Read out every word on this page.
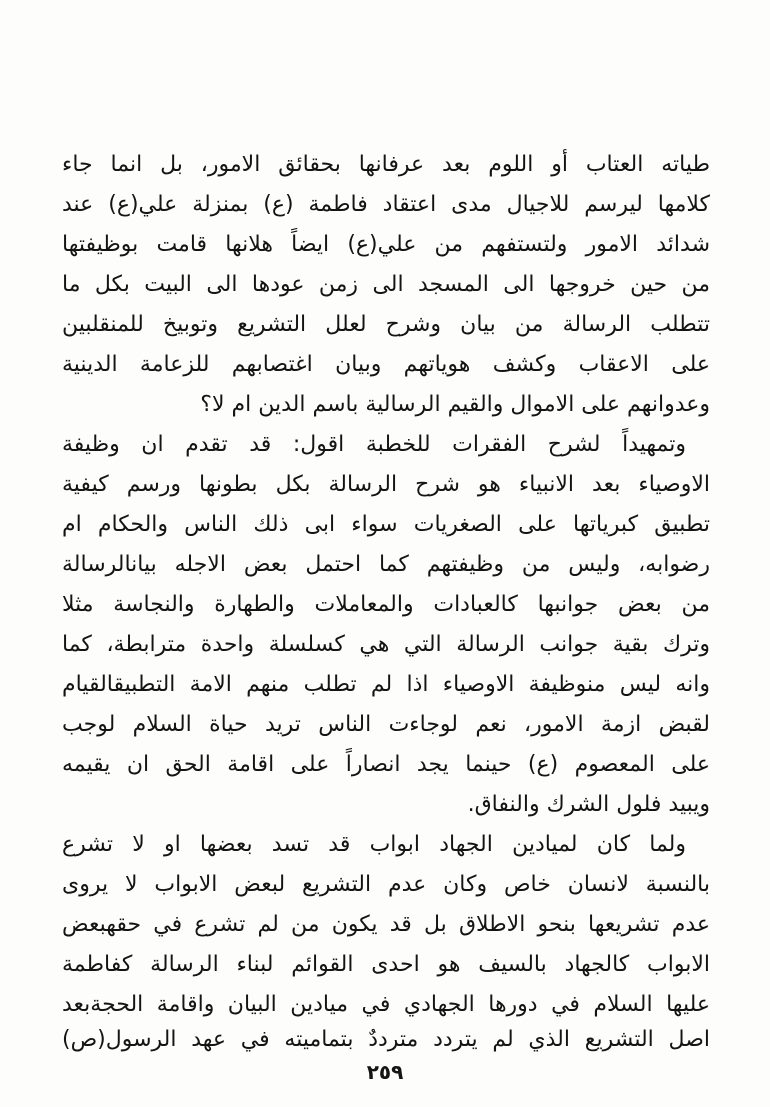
طياته العتاب أو اللوم بعد عرفانها بحقائق الامور، بل انما جاء
كلامها ليرسم للاجيال مدى اعتقاد فاطمة (ع) بمنزلة علي(ع) عند
شدائد الامور ولتستفهم من علي(ع) ايضاً هلانها قامت بوظيفتها
من حين خروجها الى المسجد الى زمن عودها الى البيت بكل ما
تتطلب الرسالة من بيان وشرح لعلل التشريع وتوبيخ للمنقلبين
على الاعقاب وكشف هوياتهم وبيان اغتصابهم للزعامة الدينية
وعدوانهم على الاموال والقيم الرسالية باسم الدين ام لا؟
وتمهيداً لشرح الفقرات للخطبة اقول: قد تقدم ان وظيفة
الاوصياء بعد الانبياء هو شرح الرسالة بكل بطونها ورسم كيفية
تطبيق كبرياتها على الصغريات سواء ابى ذلك الناس والحكام ام
رضوابه، وليس من وظيفتهم كما احتمل بعض الاجله بيانالرسالة
من بعض جوانبها كالعبادات والمعاملات والطهارة والنجاسة مثلا
وترك بقية جوانب الرسالة التي هي كسلسلة واحدة مترابطة، كما
وانه ليس منوظيفة الاوصياء اذا لم تطلب منهم الامة التطبيقالقيام
لقبض ازمة الامور، نعم لوجاءت الناس تريد حياة السلام لوجب
على المعصوم (ع) حينما يجد انصاراً على اقامة الحق ان يقيمه
ويبيد فلول الشرك والنفاق.
ولما كان لميادين الجهاد ابواب قد تسد بعضها او لا تشرع
بالنسبة لانسان خاص وكان عدم التشريع لبعض الابواب لا يروى
عدم تشريعها بنحو الاطلاق بل قد يكون من لم تشرع في حقهبعض
الابواب كالجهاد بالسيف هو احدى القوائم لبناء الرسالة كفاطمة
عليها السلام في دورها الجهادي في ميادين البيان واقامة الحجةبعد
اصل التشريع الذي لم يتردد مترددٌ بتماميته في عهد الرسول(ص)
٢٥٩
